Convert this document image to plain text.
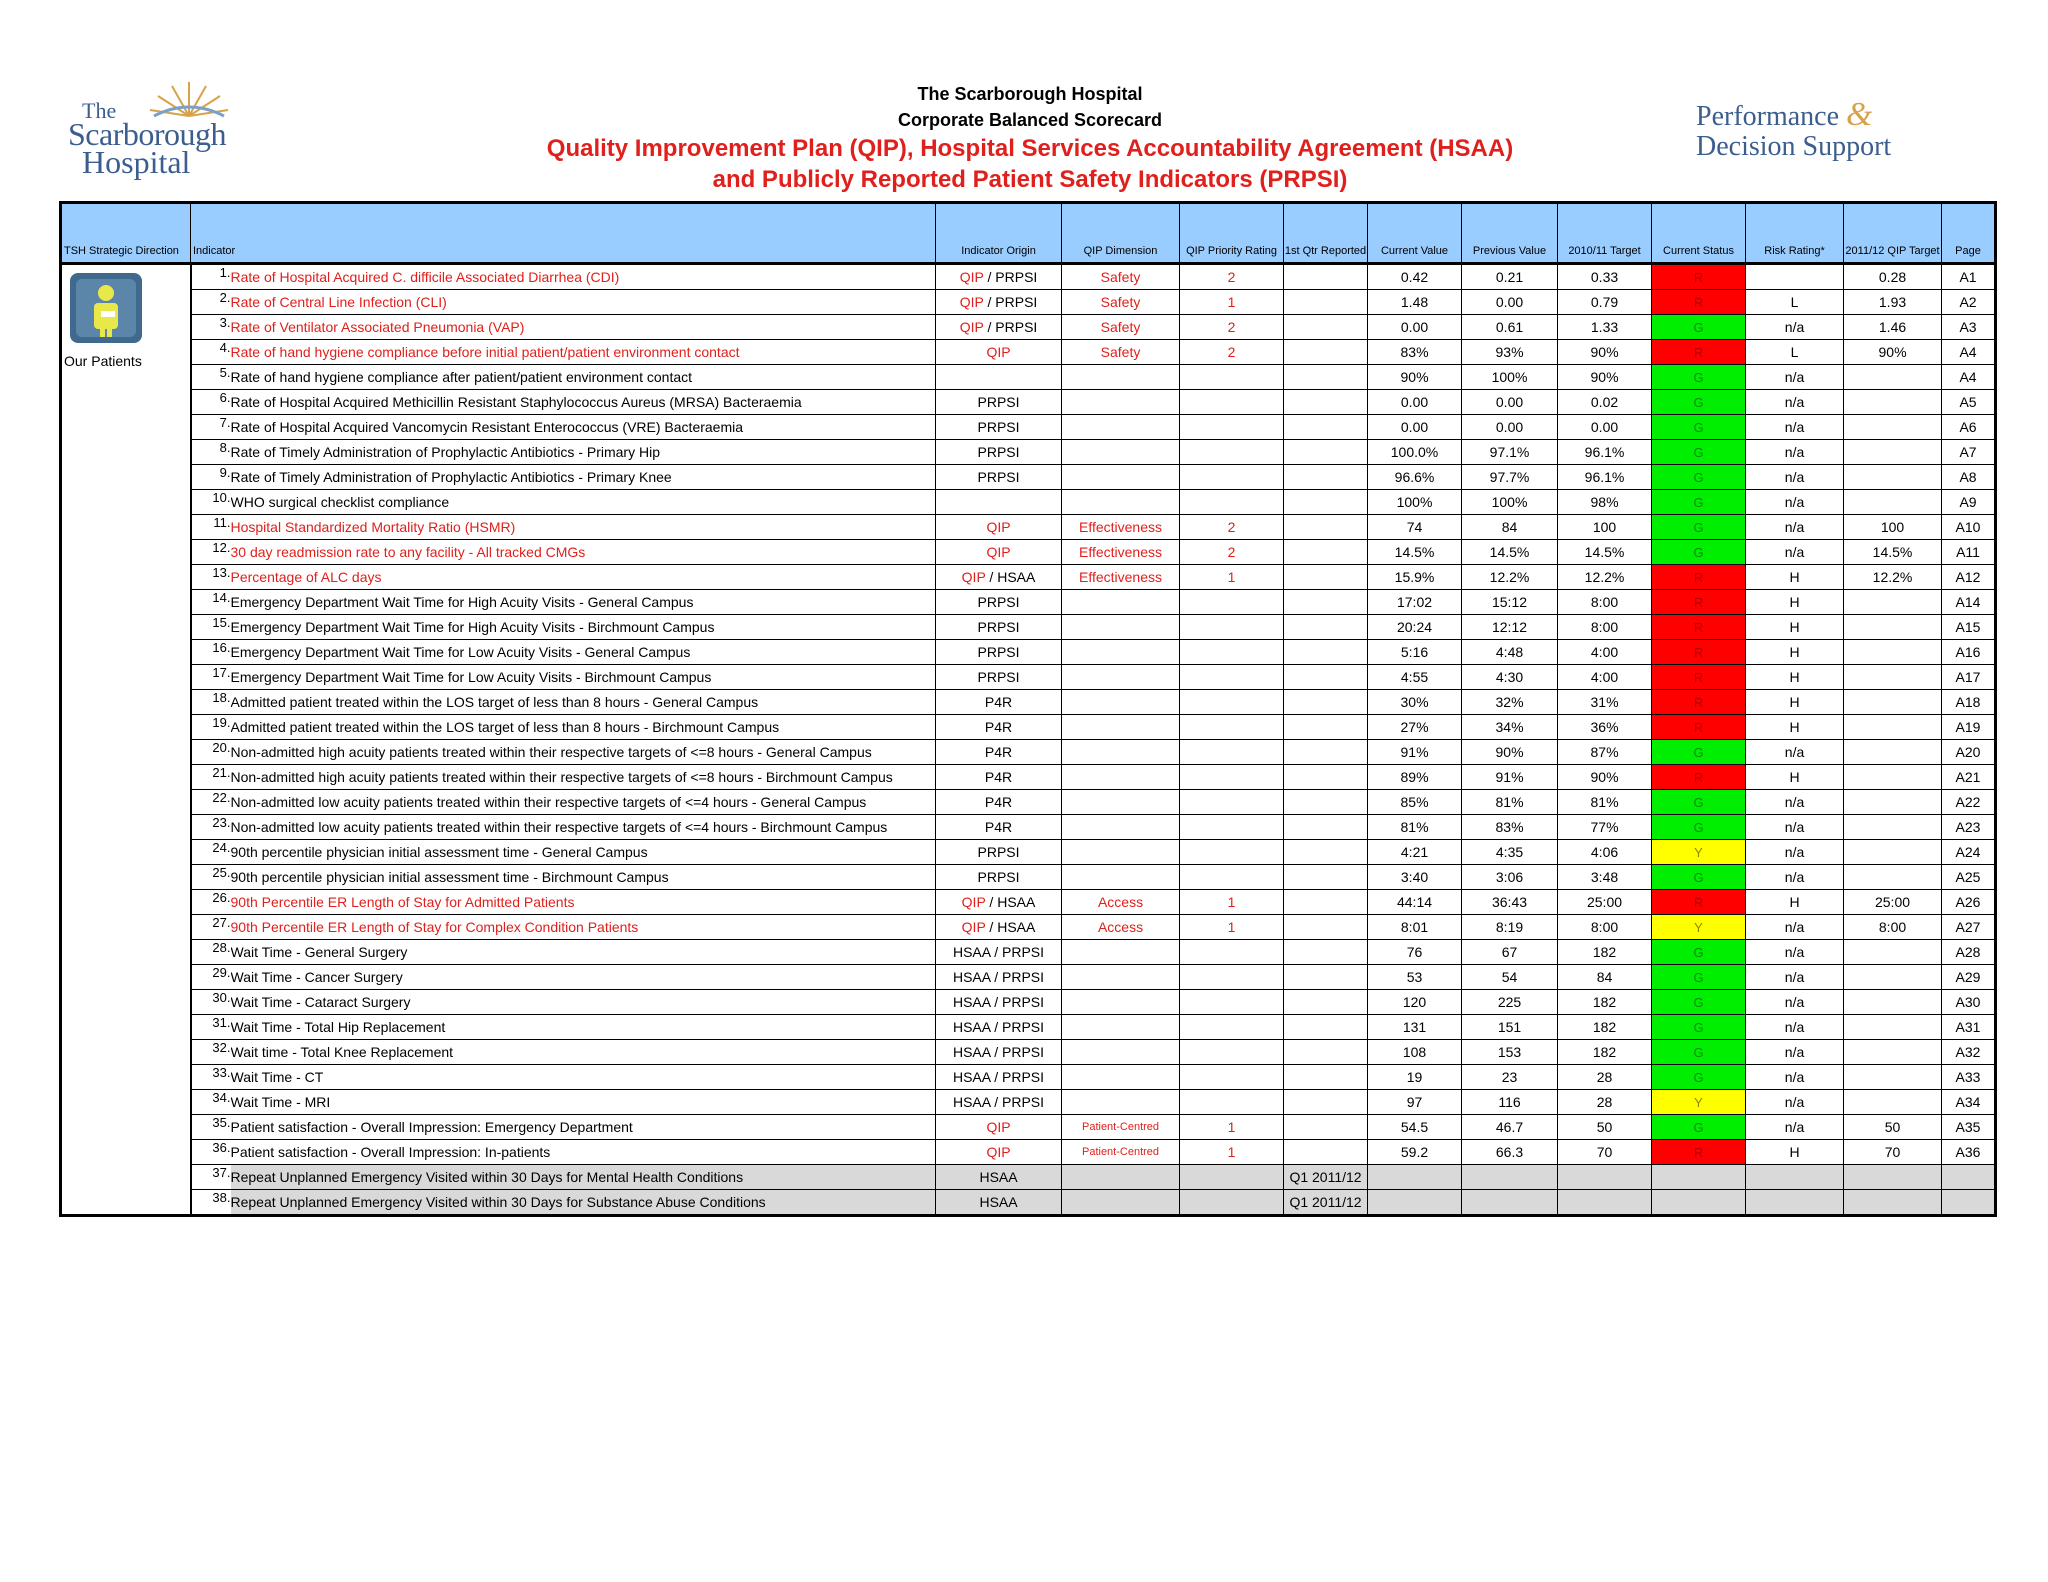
The
Scarborough
Hospital
Performance &
Decision Support
The Scarborough Hospital
Corporate Balanced Scorecard
Quality Improvement Plan (QIP), Hospital Services Accountability Agreement (HSAA)
and Publicly Reported Patient Safety Indicators (PRPSI)
TSH Strategic Direction	Indicator		Indicator Origin	QIP Dimension	QIP Priority Rating	1st Qtr Reported	Current Value	Previous Value	2010/11 Target	Current Status	Risk Rating*	2011/12 QIP Target	Page

Our Patients	1.	Rate of Hospital Acquired C. difficile Associated Diarrhea (CDI)	QIP / PRPSI	Safety	2		0.42	0.21	0.33	R		0.28	A1
	2.	Rate of Central Line Infection (CLI)	QIP / PRPSI	Safety	1		1.48	0.00	0.79	R	L	1.93	A2
	3.	Rate of Ventilator Associated Pneumonia (VAP)	QIP / PRPSI	Safety	2		0.00	0.61	1.33	G	n/a	1.46	A3
	4.	Rate of hand hygiene compliance before initial patient/patient environment contact	QIP	Safety	2		83%	93%	90%	R	L	90%	A4
	5.	Rate of hand hygiene compliance after patient/patient environment contact					90%	100%	90%	G	n/a		A4
	6.	Rate of Hospital Acquired Methicillin Resistant Staphylococcus Aureus (MRSA) Bacteraemia	PRPSI				0.00	0.00	0.02	G	n/a		A5
	7.	Rate of Hospital Acquired Vancomycin Resistant Enterococcus (VRE) Bacteraemia	PRPSI				0.00	0.00	0.00	G	n/a		A6
	8.	Rate of Timely Administration of Prophylactic Antibiotics - Primary Hip	PRPSI				100.0%	97.1%	96.1%	G	n/a		A7
	9.	Rate of Timely Administration of Prophylactic Antibiotics - Primary Knee	PRPSI				96.6%	97.7%	96.1%	G	n/a		A8
	10.	WHO surgical checklist compliance					100%	100%	98%	G	n/a		A9
	11.	Hospital Standardized Mortality Ratio (HSMR)	QIP	Effectiveness	2		74	84	100	G	n/a	100	A10
	12.	30 day readmission rate to any facility - All tracked CMGs	QIP	Effectiveness	2		14.5%	14.5%	14.5%	G	n/a	14.5%	A11
	13.	Percentage of ALC days	QIP / HSAA	Effectiveness	1		15.9%	12.2%	12.2%	R	H	12.2%	A12
	14.	Emergency Department Wait Time for High Acuity Visits - General Campus	PRPSI				17:02	15:12	8:00	R	H		A14
	15.	Emergency Department Wait Time for High Acuity Visits - Birchmount Campus	PRPSI				20:24	12:12	8:00	R	H		A15
	16.	Emergency Department Wait Time for Low Acuity Visits - General Campus	PRPSI				5:16	4:48	4:00	R	H		A16
	17.	Emergency Department Wait Time for Low Acuity Visits - Birchmount Campus	PRPSI				4:55	4:30	4:00	R	H		A17
	18.	Admitted patient treated within the LOS target of less than 8 hours - General Campus	P4R				30%	32%	31%	R	H		A18
	19.	Admitted patient treated within the LOS target of less than 8 hours - Birchmount Campus	P4R				27%	34%	36%	R	H		A19
	20.	Non-admitted high acuity patients treated within their respective targets of <=8 hours - General Campus	P4R				91%	90%	87%	G	n/a		A20
	21.	Non-admitted high acuity patients treated within their respective targets of <=8 hours - Birchmount Campus	P4R				89%	91%	90%	R	H		A21
	22.	Non-admitted low acuity patients treated within their respective targets of <=4 hours - General Campus	P4R				85%	81%	81%	G	n/a		A22
	23.	Non-admitted low acuity patients treated within their respective targets of <=4 hours - Birchmount Campus	P4R				81%	83%	77%	G	n/a		A23
	24.	90th percentile physician initial assessment time - General Campus	PRPSI				4:21	4:35	4:06	Y	n/a		A24
	25.	90th percentile physician initial assessment time - Birchmount Campus	PRPSI				3:40	3:06	3:48	G	n/a		A25
	26.	90th Percentile ER Length of Stay for Admitted Patients	QIP / HSAA	Access	1		44:14	36:43	25:00	R	H	25:00	A26
	27.	90th Percentile ER Length of Stay for Complex Condition Patients	QIP / HSAA	Access	1		8:01	8:19	8:00	Y	n/a	8:00	A27
	28.	Wait Time - General Surgery	HSAA / PRPSI				76	67	182	G	n/a		A28
	29.	Wait Time - Cancer Surgery	HSAA / PRPSI				53	54	84	G	n/a		A29
	30.	Wait Time - Cataract Surgery	HSAA / PRPSI				120	225	182	G	n/a		A30
	31.	Wait Time - Total Hip Replacement	HSAA / PRPSI				131	151	182	G	n/a		A31
	32.	Wait time - Total Knee Replacement	HSAA / PRPSI				108	153	182	G	n/a		A32
	33.	Wait Time - CT	HSAA / PRPSI				19	23	28	G	n/a		A33
	34.	Wait Time - MRI	HSAA / PRPSI				97	116	28	Y	n/a		A34
	35.	Patient satisfaction - Overall Impression: Emergency Department	QIP	Patient-Centred	1		54.5	46.7	50	G	n/a	50	A35
	36.	Patient satisfaction - Overall Impression: In-patients	QIP	Patient-Centred	1		59.2	66.3	70	R	H	70	A36
	37.	Repeat Unplanned Emergency Visited within 30 Days for Mental Health Conditions	HSAA			Q1 2011/12							
	38.	Repeat Unplanned Emergency Visited within 30 Days for Substance Abuse Conditions	HSAA			Q1 2011/12							
